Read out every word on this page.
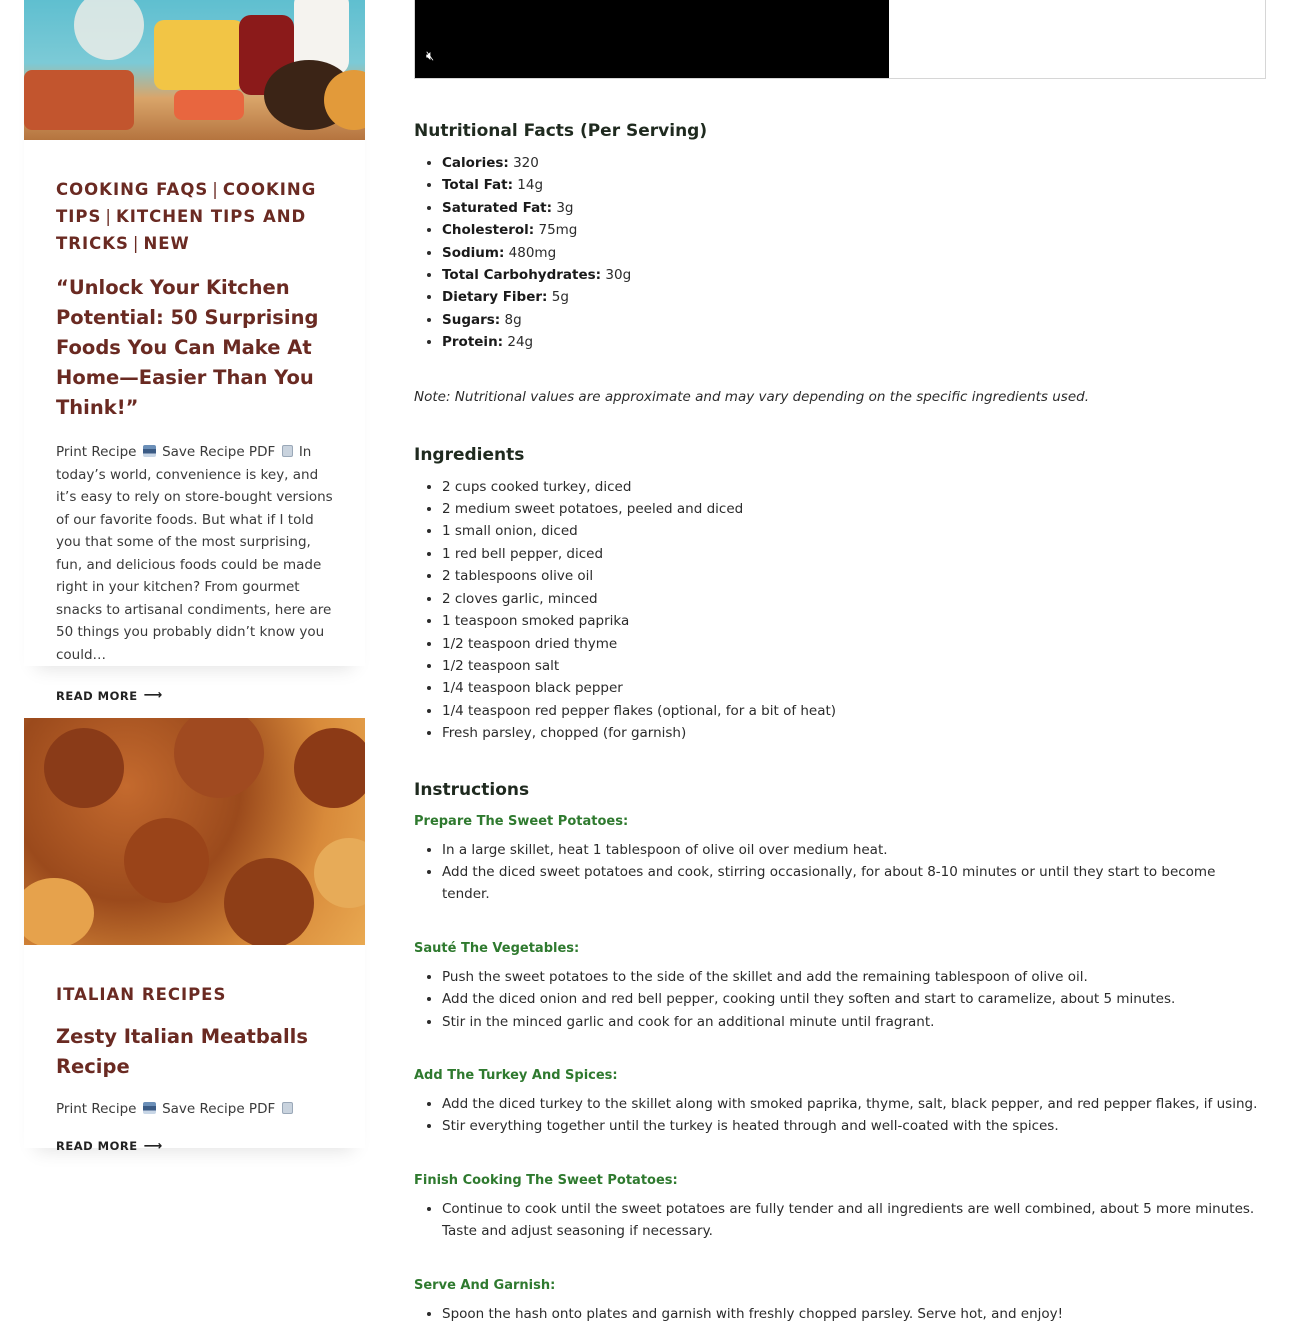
COOKING FAQS | COOKING TIPS | KITCHEN TIPS AND TRICKS | NEW
“Unlock Your Kitchen Potential: 50 Surprising Foods You Can Make At Home—Easier Than You Think!”
Print Recipe Save Recipe PDF In today’s world, convenience is key, and it’s easy to rely on store-bought versions of our favorite foods. But what if I told you that some of the most surprising, fun, and delicious foods could be made right in your kitchen? From gourmet snacks to artisanal condiments, here are 50 things you probably didn’t know you could…
READ MORE ⟶
ITALIAN RECIPES
Zesty Italian Meatballs Recipe
Print Recipe Save Recipe PDF
READ MORE ⟶
🔇︎
Nutritional Facts (Per Serving)
• Calories: 320
• Total Fat: 14g
• Saturated Fat: 3g
• Cholesterol: 75mg
• Sodium: 480mg
• Total Carbohydrates: 30g
• Dietary Fiber: 5g
• Sugars: 8g
• Protein: 24g

Note: Nutritional values are approximate and may vary depending on the specific ingredients used.

Ingredients
• 2 cups cooked turkey, diced
• 2 medium sweet potatoes, peeled and diced
• 1 small onion, diced
• 1 red bell pepper, diced
• 2 tablespoons olive oil
• 2 cloves garlic, minced
• 1 teaspoon smoked paprika
• 1/2 teaspoon dried thyme
• 1/2 teaspoon salt
• 1/4 teaspoon black pepper
• 1/4 teaspoon red pepper flakes (optional, for a bit of heat)
• Fresh parsley, chopped (for garnish)
Instructions
Prepare The Sweet Potatoes:
• In a large skillet, heat 1 tablespoon of olive oil over medium heat.
• Add the diced sweet potatoes and cook, stirring occasionally, for about 8-10 minutes or until they start to become tender.
Sauté The Vegetables:
• Push the sweet potatoes to the side of the skillet and add the remaining tablespoon of olive oil.
• Add the diced onion and red bell pepper, cooking until they soften and start to caramelize, about 5 minutes.
• Stir in the minced garlic and cook for an additional minute until fragrant.
Add The Turkey And Spices:
• Add the diced turkey to the skillet along with smoked paprika, thyme, salt, black pepper, and red pepper flakes, if using.
• Stir everything together until the turkey is heated through and well-coated with the spices.
Finish Cooking The Sweet Potatoes:
• Continue to cook until the sweet potatoes are fully tender and all ingredients are well combined, about 5 more minutes. Taste and adjust seasoning if necessary.
Serve And Garnish:
• Spoon the hash onto plates and garnish with freshly chopped parsley. Serve hot, and enjoy!
